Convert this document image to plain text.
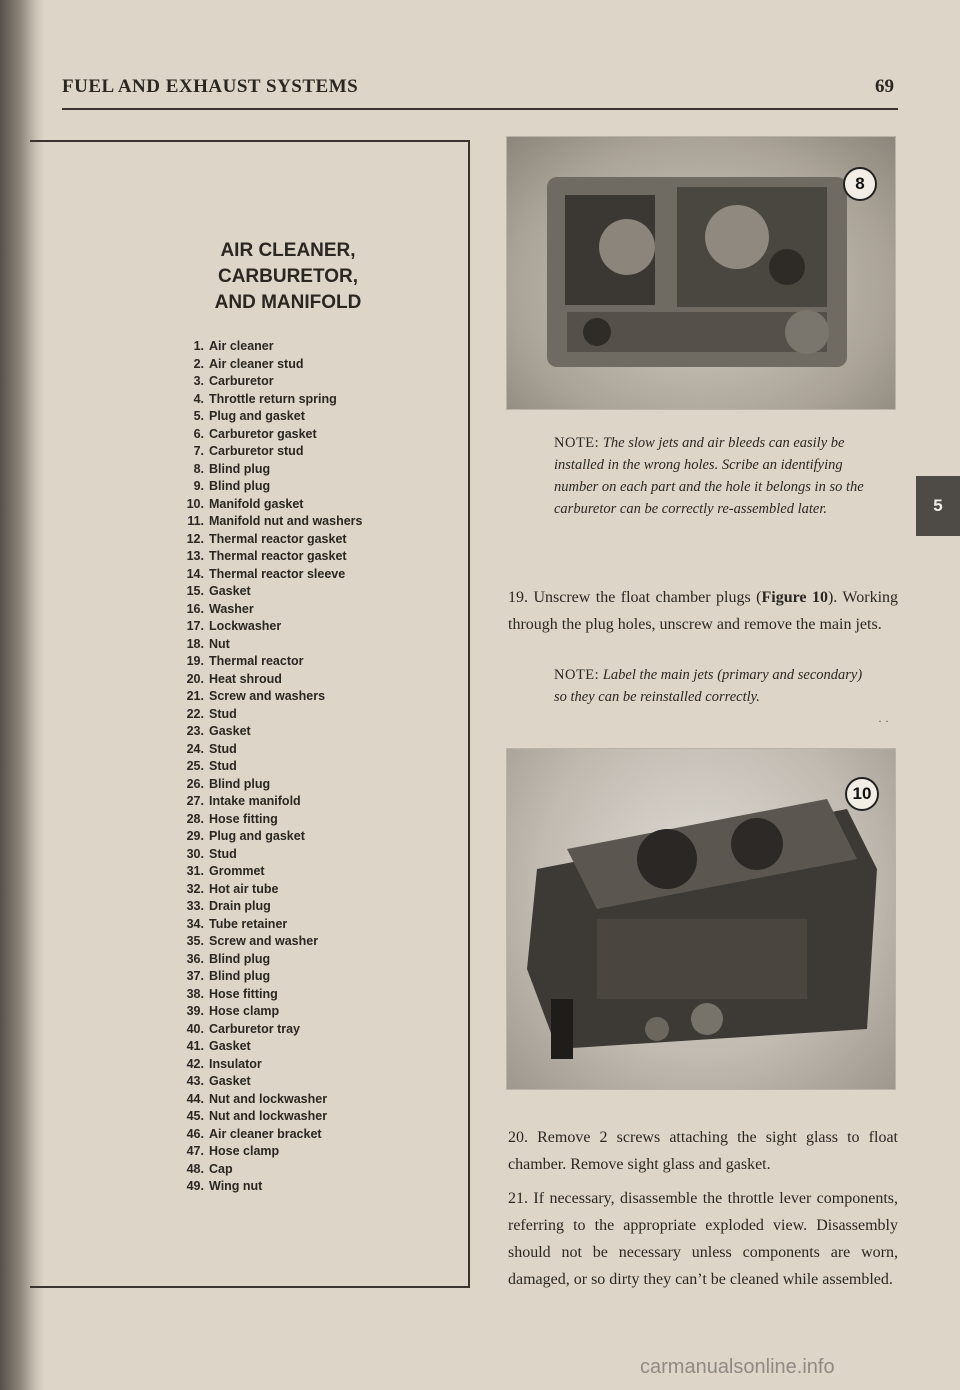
FUEL AND EXHAUST SYSTEMS	69
AIR CLEANER,
CARBURETOR,
AND MANIFOLD
1. Air cleaner
2. Air cleaner stud
3. Carburetor
4. Throttle return spring
5. Plug and gasket
6. Carburetor gasket
7. Carburetor stud
8. Blind plug
9. Blind plug
10. Manifold gasket
11. Manifold nut and washers
12. Thermal reactor gasket
13. Thermal reactor gasket
14. Thermal reactor sleeve
15. Gasket
16. Washer
17. Lockwasher
18. Nut
19. Thermal reactor
20. Heat shroud
21. Screw and washers
22. Stud
23. Gasket
24. Stud
25. Stud
26. Blind plug
27. Intake manifold
28. Hose fitting
29. Plug and gasket
30. Stud
31. Grommet
32. Hot air tube
33. Drain plug
34. Tube retainer
35. Screw and washer
36. Blind plug
37. Blind plug
38. Hose fitting
39. Hose clamp
40. Carburetor tray
41. Gasket
42. Insulator
43. Gasket
44. Nut and lockwasher
45. Nut and lockwasher
46. Air cleaner bracket
47. Hose clamp
48. Cap
49. Wing nut
8
NOTE: The slow jets and air bleeds can easily be installed in the wrong holes. Scribe an identifying number on each part and the hole it belongs in so the carburetor can be correctly re-assembled later.
19. Unscrew the float chamber plugs (Figure 10). Working through the plug holes, unscrew and remove the main jets.
NOTE: Label the main jets (primary and secondary) so they can be reinstalled correctly.
· ·
10
20. Remove 2 screws attaching the sight glass to float chamber. Remove sight glass and gasket.
21. If necessary, disassemble the throttle lever components, referring to the appropriate exploded view. Disassembly should not be necessary unless components are worn, damaged, or so dirty they can’t be cleaned while assembled.
5
carmanualsonline.info
